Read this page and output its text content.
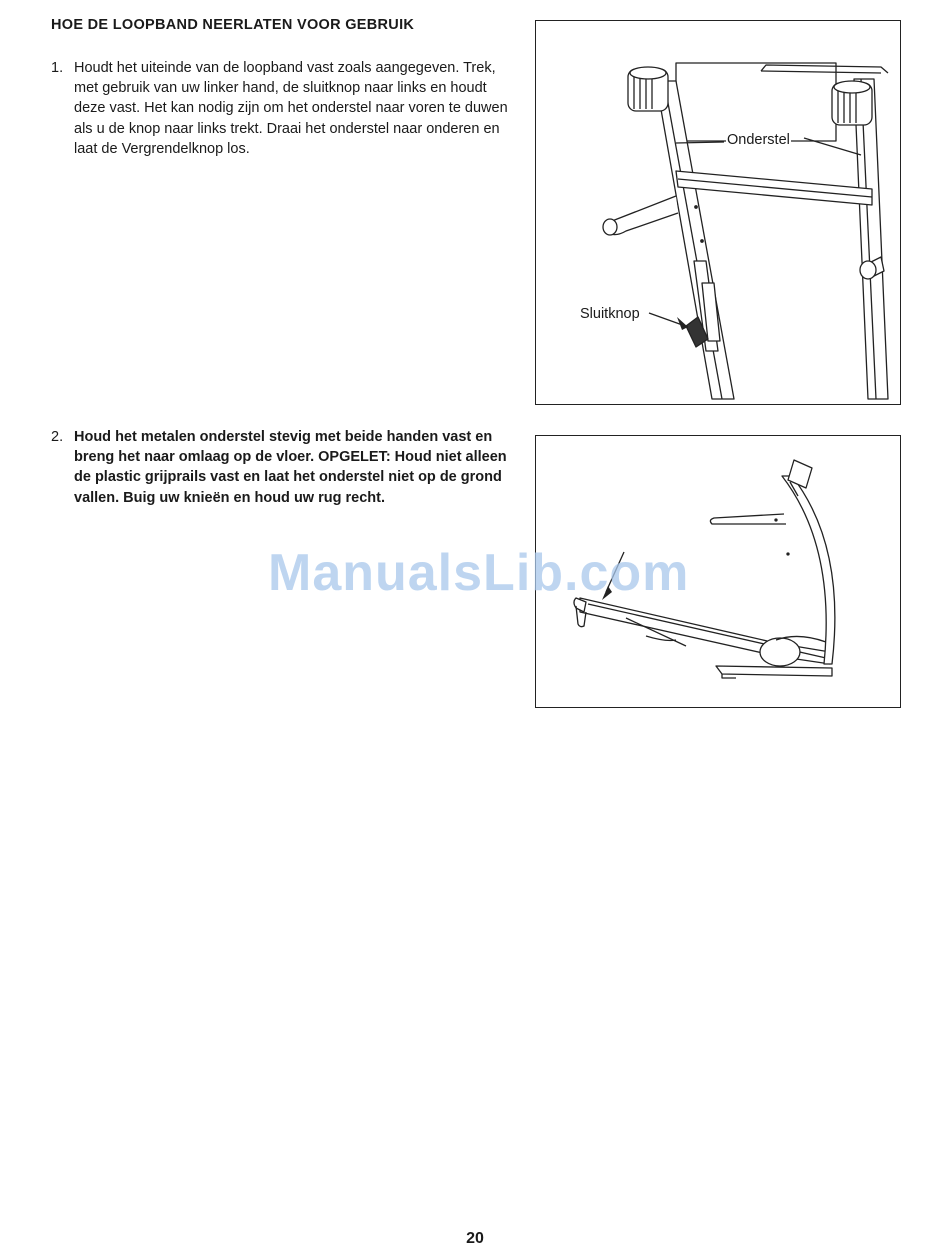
HOE DE LOOPBAND NEERLATEN VOOR GEBRUIK
1. Houdt het uiteinde van de loopband vast zoals aangegeven. Trek, met gebruik van uw linker hand, de sluitknop naar links en houdt deze vast. Het kan nodig zijn om het onderstel naar voren te duwen als u de knop naar links trekt. Draai het onderstel naar onderen en laat de Vergrendelknop los.
2. Houd het metalen onderstel stevig met beide handen vast en breng het naar omlaag op de vloer. OPGELET: Houd niet alleen de plastic grijprails vast en laat het onderstel niet op de grond vallen. Buig uw knieën en houd uw rug recht.
Onderstel
Sluitknop
ManualsLib.com
20
